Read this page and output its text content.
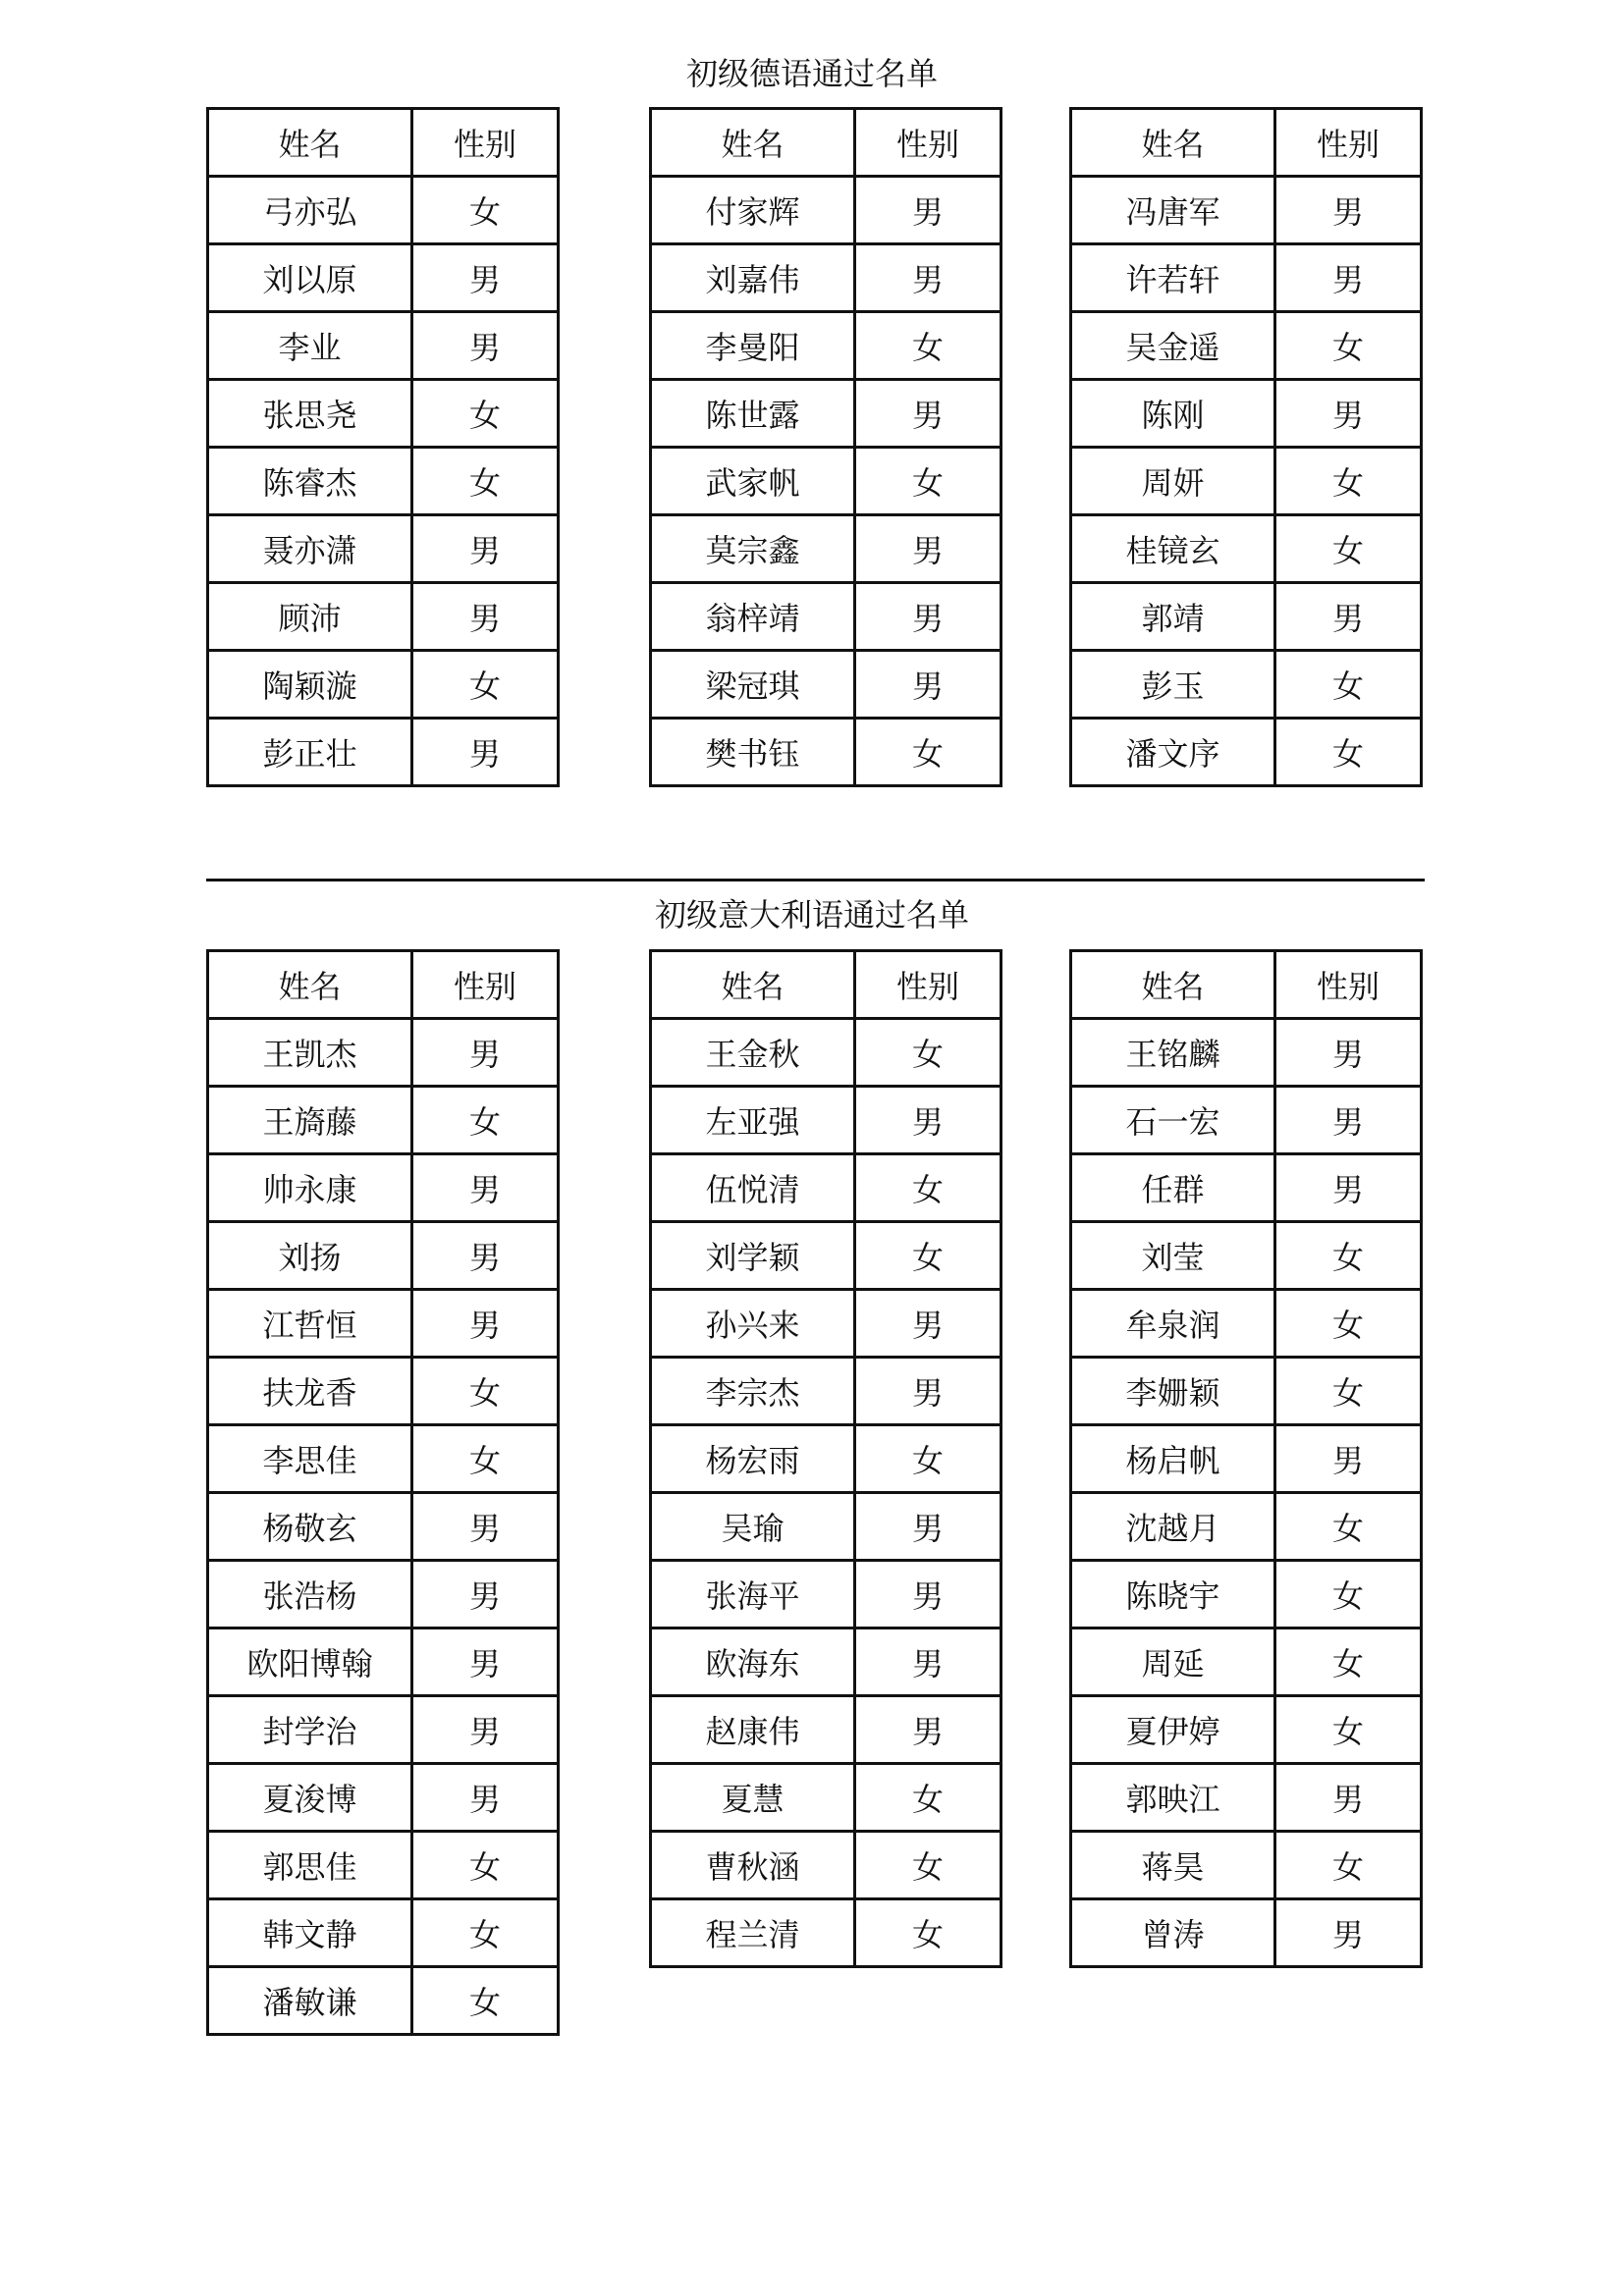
初级德语通过名单
姓名	性别
弓亦弘	女
刘以原	男
李业	男
张思尧	女
陈睿杰	女
聂亦潇	男
顾沛	男
陶颖漩	女
彭正壮	男
姓名	性别
付家辉	男
刘嘉伟	男
李曼阳	女
陈世露	男
武家帆	女
莫宗鑫	男
翁梓靖	男
梁冠琪	男
樊书钰	女
姓名	性别
冯唐军	男
许若轩	男
吴金遥	女
陈刚	男
周妍	女
桂镜玄	女
郭靖	男
彭玉	女
潘文序	女
初级意大利语通过名单
姓名	性别
王凯杰	男
王旖藤	女
帅永康	男
刘扬	男
江哲恒	男
扶龙香	女
李思佳	女
杨敬玄	男
张浩杨	男
欧阳博翰	男
封学治	男
夏浚博	男
郭思佳	女
韩文静	女
潘敏谦	女
姓名	性别
王金秋	女
左亚强	男
伍悦清	女
刘学颖	女
孙兴来	男
李宗杰	男
杨宏雨	女
吴瑜	男
张海平	男
欧海东	男
赵康伟	男
夏慧	女
曹秋涵	女
程兰清	女
姓名	性别
王铭麟	男
石一宏	男
任群	男
刘莹	女
牟泉润	女
李姗颖	女
杨启帆	男
沈越月	女
陈晓宇	女
周延	女
夏伊婷	女
郭映江	男
蒋昊	女
曾涛	男
